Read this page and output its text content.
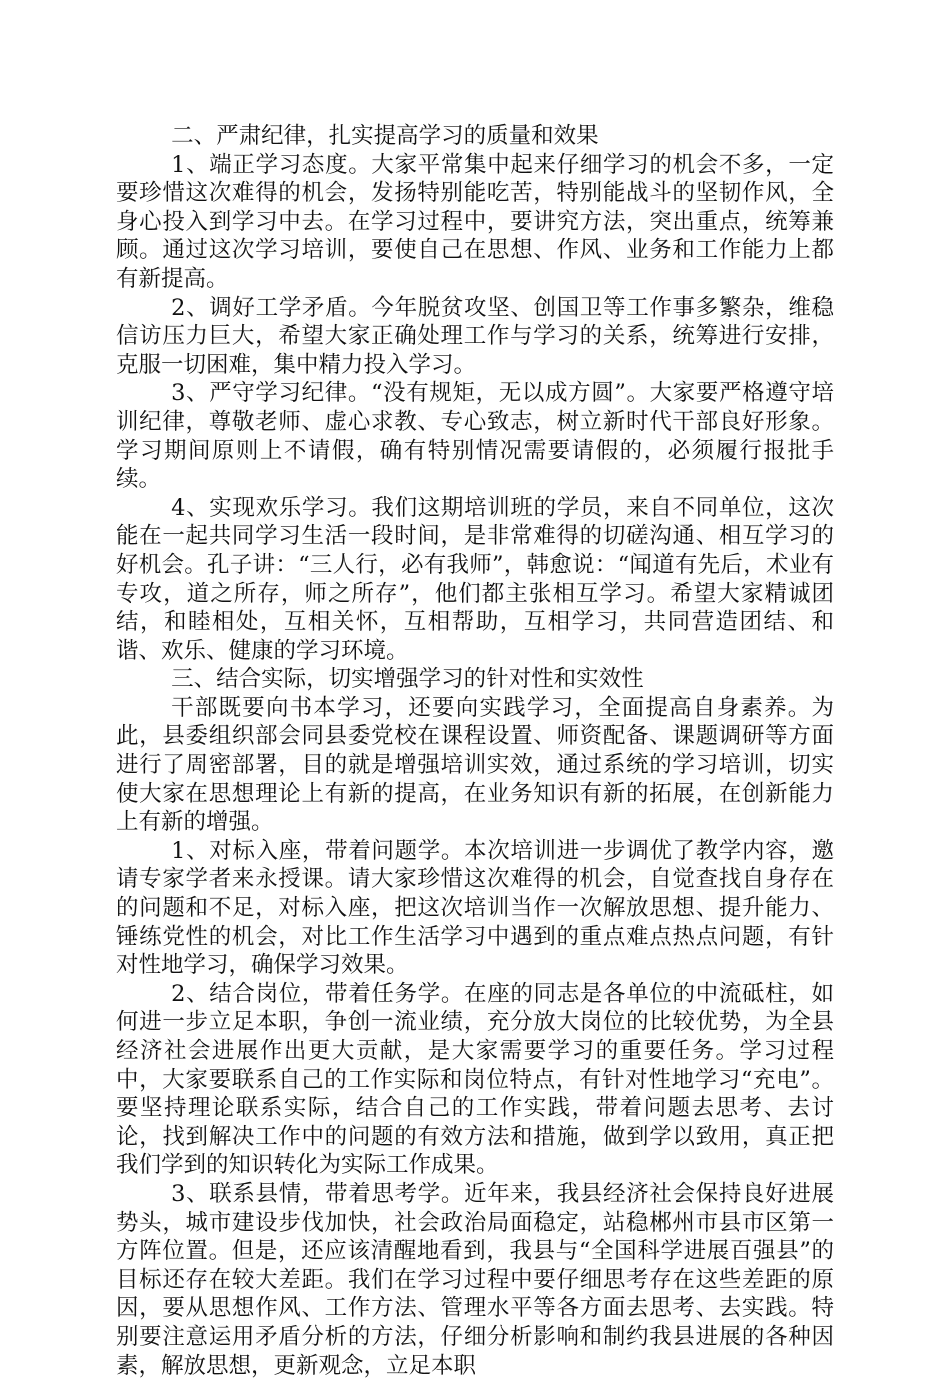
二、严肃纪律，扎实提高学习的质量和效果

1、端正学习态度。大家平常集中起来仔细学习的机会不多，一定要珍惜这次难得的机会，发扬特别能吃苦，特别能战斗的坚韧作风，全身心投入到学习中去。在学习过程中，要讲究方法，突出重点，统筹兼顾。通过这次学习培训，要使自己在思想、作风、业务和工作能力上都有新提高。

2、调好工学矛盾。今年脱贫攻坚、创国卫等工作事多繁杂，维稳信访压力巨大，希望大家正确处理工作与学习的关系，统筹进行安排，克服一切困难，集中精力投入学习。

3、严守学习纪律。“没有规矩，无以成方圆”。大家要严格遵守培训纪律，尊敬老师、虚心求教、专心致志，树立新时代干部良好形象。学习期间原则上不请假，确有特别情况需要请假的，必须履行报批手续。

4、实现欢乐学习。我们这期培训班的学员，来自不同单位，这次能在一起共同学习生活一段时间，是非常难得的切磋沟通、相互学习的好机会。孔子讲：“三人行，必有我师”，韩愈说：“闻道有先后，术业有专攻，道之所存，师之所存”，他们都主张相互学习。希望大家精诚团结，和睦相处，互相关怀，互相帮助，互相学习，共同营造团结、和谐、欢乐、健康的学习环境。

三、结合实际，切实增强学习的针对性和实效性

干部既要向书本学习，还要向实践学习，全面提高自身素养。为此，县委组织部会同县委党校在课程设置、师资配备、课题调研等方面进行了周密部署，目的就是增强培训实效，通过系统的学习培训，切实使大家在思想理论上有新的提高，在业务知识有新的拓展，在创新能力上有新的增强。

1、对标入座，带着问题学。本次培训进一步调优了教学内容，邀请专家学者来永授课。请大家珍惜这次难得的机会，自觉查找自身存在的问题和不足，对标入座，把这次培训当作一次解放思想、提升能力、锤练党性的机会，对比工作生活学习中遇到的重点难点热点问题，有针对性地学习，确保学习效果。

2、结合岗位，带着任务学。在座的同志是各单位的中流砥柱，如何进一步立足本职，争创一流业绩，充分放大岗位的比较优势，为全县经济社会进展作出更大贡献，是大家需要学习的重要任务。学习过程中，大家要联系自己的工作实际和岗位特点，有针对性地学习“充电”。要坚持理论联系实际，结合自己的工作实践，带着问题去思考、去讨论，找到解决工作中的问题的有效方法和措施，做到学以致用，真正把我们学到的知识转化为实际工作成果。

3、联系县情，带着思考学。近年来，我县经济社会保持良好进展势头，城市建设步伐加快，社会政治局面稳定，站稳郴州市县市区第一方阵位置。但是，还应该清醒地看到，我县与“全国科学进展百强县”的目标还存在较大差距。我们在学习过程中要仔细思考存在这些差距的原因，要从思想作风、工作方法、管理水平等各方面去思考、去实践。特别要注意运用矛盾分析的方法，仔细分析影响和制约我县进展的各种因素，解放思想，更新观念，立足本职
